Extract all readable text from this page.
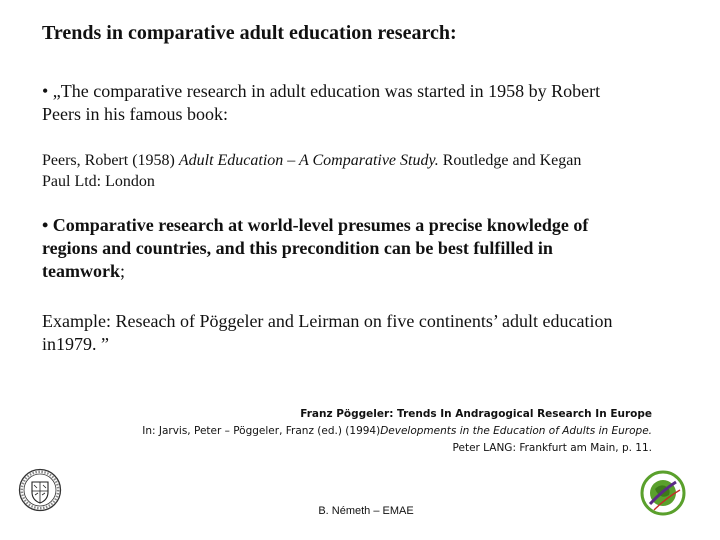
Trends in comparative adult education research:
• „The comparative research in adult education was started in 1958 by Robert
Peers in his famous book:
Peers, Robert (1958) Adult Education – A Comparative Study. Routledge and Kegan
Paul Ltd: London
• Comparative research at world-level presumes a precise knowledge of
regions and countries, and this precondition can be best fulfilled in
teamwork;
Example: Reseach of Pöggeler and Leirman on five continents’ adult education
in1979. ”
Franz Pöggeler: Trends In Andragogical Research In Europe
In: Jarvis, Peter – Pöggeler, Franz (ed.) (1994)Developments in the Education of Adults in Europe.
Peter LANG: Frankfurt am Main, p. 11.
B. Németh – EMAE
